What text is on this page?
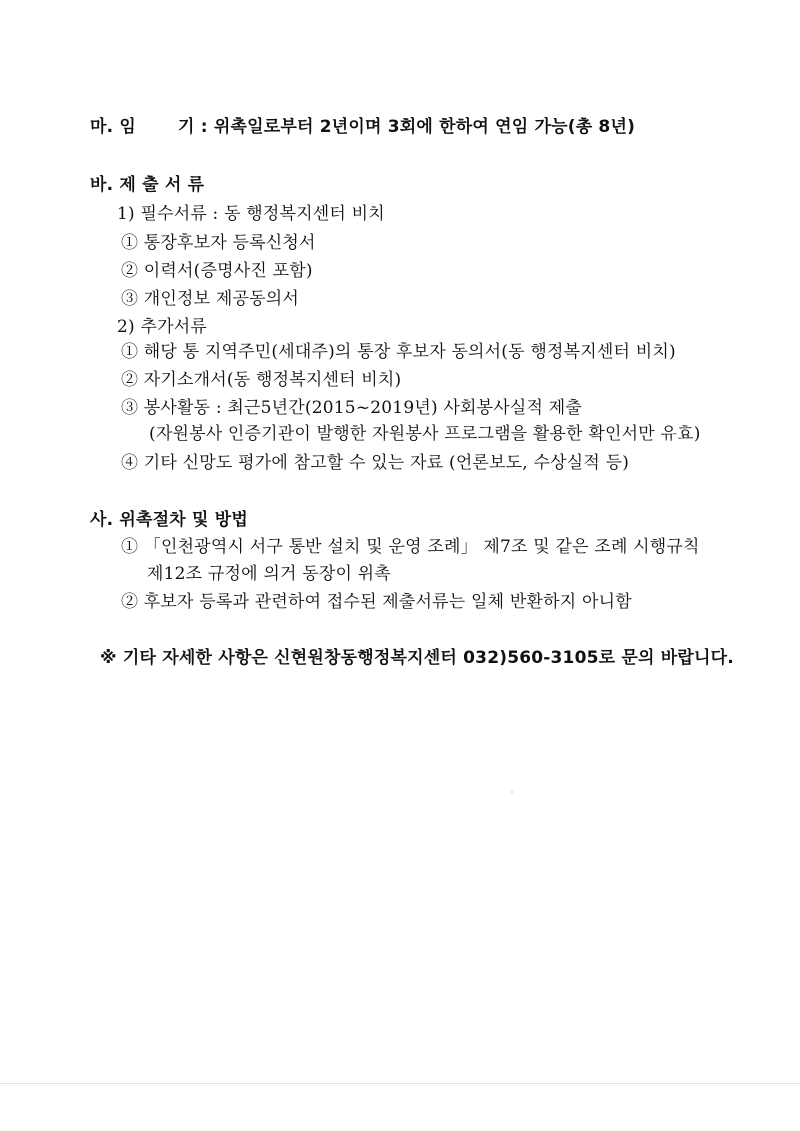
마. 임 기 : 위촉일로부터 2년이며 3회에 한하여 연임 가능(총 8년)
바. 제 출 서 류
1) 필수서류 : 동 행정복지센터 비치
① 통장후보자 등록신청서
② 이력서(증명사진 포함)
③ 개인정보 제공동의서
2) 추가서류
① 해당 통 지역주민(세대주)의 통장 후보자 동의서(동 행정복지센터 비치)
② 자기소개서(동 행정복지센터 비치)
③ 봉사활동 : 최근5년간(2015~2019년) 사회봉사실적 제출
(자원봉사 인증기관이 발행한 자원봉사 프로그램을 활용한 확인서만 유효)
④ 기타 신망도 평가에 참고할 수 있는 자료 (언론보도, 수상실적 등)
사. 위촉절차 및 방법
① 「인천광역시 서구 통반 설치 및 운영 조례」 제7조 및 같은 조례 시행규칙
제12조 규정에 의거 동장이 위촉
② 후보자 등록과 관련하여 접수된 제출서류는 일체 반환하지 아니함
※ 기타 자세한 사항은 신현원창동행정복지센터 032)560-3105로 문의 바랍니다.
